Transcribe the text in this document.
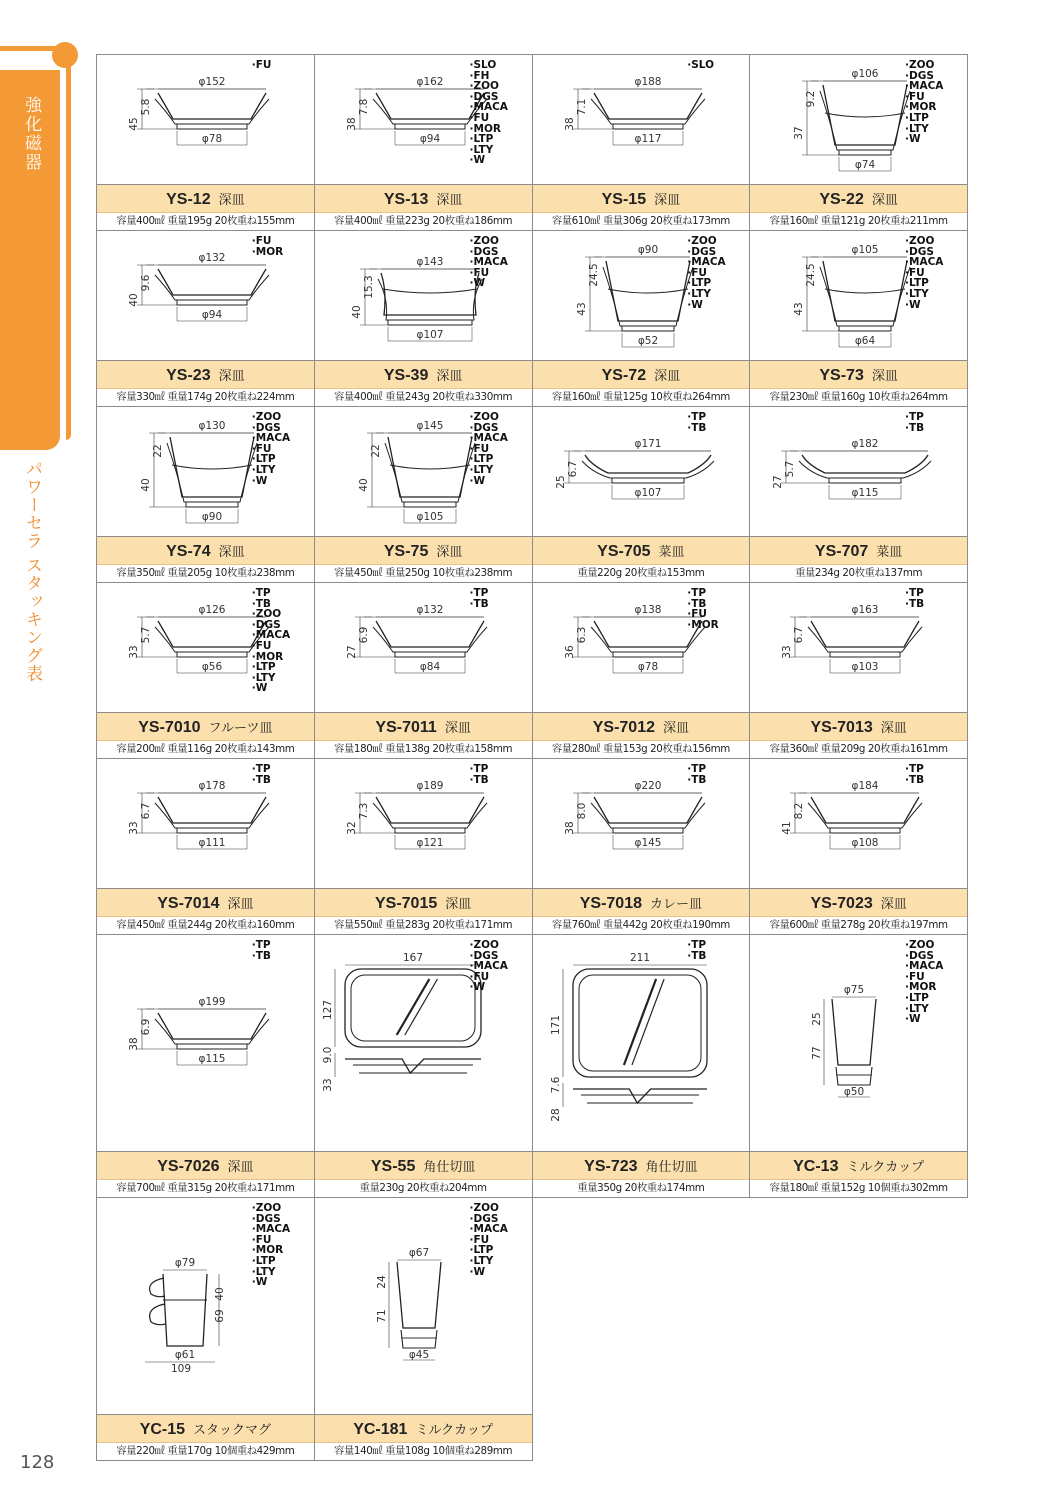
強化磁器
パワーセラ スタッキング表
128
φ152
φ78
45
5.8
·FU
YS-12 深皿
容量400㎖ 重量195g 20枚重ね155mm
φ162
φ94
38
7.8
·SLO
·FH
·ZOO
·DGS
·MACA
·FU
·MOR
·LTP
·LTY
·W
YS-13 深皿
容量400㎖ 重量223g 20枚重ね186mm
φ188
φ117
38
7.1
·SLO
YS-15 深皿
容量610㎖ 重量306g 20枚重ね173mm
φ106
φ74
37
9.2
·ZOO
·DGS
·MACA
·FU
·MOR
·LTP
·LTY
·W
YS-22 深皿
容量160㎖ 重量121g 20枚重ね211mm
φ132
φ94
40
9.6
·FU
·MOR
YS-23 深皿
容量330㎖ 重量174g 20枚重ね224mm
φ143
φ107
40
15.3
·ZOO
·DGS
·MACA
·FU
·W
YS-39 深皿
容量400㎖ 重量243g 20枚重ね330mm
φ90
φ52
43
24.5
·ZOO
·DGS
·MACA
·FU
·LTP
·LTY
·W
YS-72 深皿
容量160㎖ 重量125g 10枚重ね264mm
φ105
φ64
43
24.5
·ZOO
·DGS
·MACA
·FU
·LTP
·LTY
·W
YS-73 深皿
容量230㎖ 重量160g 10枚重ね264mm
φ130
φ90
40
22
·ZOO
·DGS
·MACA
·FU
·LTP
·LTY
·W
YS-74 深皿
容量350㎖ 重量205g 10枚重ね238mm
φ145
φ105
40
22
·ZOO
·DGS
·MACA
·FU
·LTP
·LTY
·W
YS-75 深皿
容量450㎖ 重量250g 10枚重ね238mm
φ171
φ107
25
6.7
·TP
·TB
YS-705 菜皿
重量220g 20枚重ね153mm
φ182
φ115
27
5.7
·TP
·TB
YS-707 菜皿
重量234g 20枚重ね137mm
φ126
φ56
33
5.7
·TP
·TB
·ZOO
·DGS
·MACA
·FU
·MOR
·LTP
·LTY
·W
YS-7010 フルーツ皿
容量200㎖ 重量116g 20枚重ね143mm
φ132
φ84
27
6.9
·TP
·TB
YS-7011 深皿
容量180㎖ 重量138g 20枚重ね158mm
φ138
φ78
36
6.3
·TP
·TB
·FU
·MOR
YS-7012 深皿
容量280㎖ 重量153g 20枚重ね156mm
φ163
φ103
33
6.7
·TP
·TB
YS-7013 深皿
容量360㎖ 重量209g 20枚重ね161mm
φ178
φ111
33
6.7
·TP
·TB
YS-7014 深皿
容量450㎖ 重量244g 20枚重ね160mm
φ189
φ121
32
7.3
·TP
·TB
YS-7015 深皿
容量550㎖ 重量283g 20枚重ね171mm
φ220
φ145
38
8.0
·TP
·TB
YS-7018 カレー皿
容量760㎖ 重量442g 20枚重ね190mm
φ184
φ108
41
8.2
·TP
·TB
YS-7023 深皿
容量600㎖ 重量278g 20枚重ね197mm
φ199
φ115
38
6.9
·TP
·TB
YS-7026 深皿
容量700㎖ 重量315g 20枚重ね171mm
167
127
33
9.0
·ZOO
·DGS
·MACA
·FU
·W
YS-55 角仕切皿
重量230g 20枚重ね204mm
211
171
28
7.6
·TP
·TB
YS-723 角仕切皿
重量350g 20枚重ね174mm
φ75
φ50
25
77
·ZOO
·DGS
·MACA
·FU
·MOR
·LTP
·LTY
·W
YC-13 ミルクカップ
容量180㎖ 重量152g 10個重ね302mm
φ79
φ61
109
40
69
·ZOO
·DGS
·MACA
·FU
·MOR
·LTP
·LTY
·W
YC-15 スタックマグ
容量220㎖ 重量170g 10個重ね429mm
φ67
φ45
24
71
·ZOO
·DGS
·MACA
·FU
·LTP
·LTY
·W
YC-181 ミルクカップ
容量140㎖ 重量108g 10個重ね289mm
